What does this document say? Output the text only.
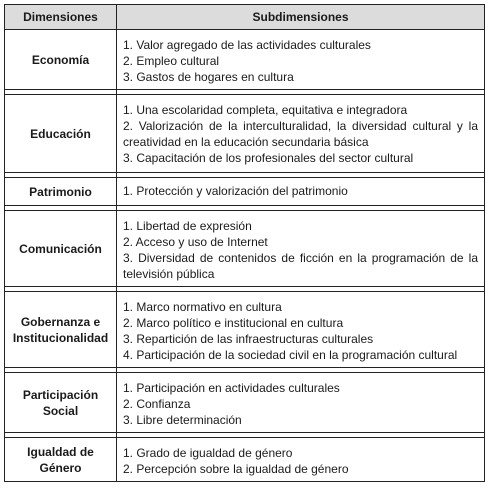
Dimensiones	Subdimensiones

Economía	1. Valor agregado de las actividades culturales
2. Empleo cultural
3. Gastos de hogares en cultura

Educación	1. Una escolaridad completa, equitativa e integradora
2. Valorización de la interculturalidad, la diversidad cultural y la creatividad en la educación secundaria básica
3. Capacitación de los profesionales del sector cultural

Patrimonio	1. Protección y valorización del patrimonio

Comunicación	1. Libertad de expresión
2. Acceso y uso de Internet
3. Diversidad de contenidos de ficción en la programación de la televisión pública

Gobernanza e
Institucionalidad	1. Marco normativo en cultura
2. Marco político e institucional en cultura
3. Repartición de las infraestructuras culturales
4. Participación de la sociedad civil en la programación cultural

Participación
Social	1. Participación en actividades culturales
2. Confianza
3. Libre determinación

Igualdad de
Género	1. Grado de igualdad de género
2. Percepción sobre la igualdad de género
